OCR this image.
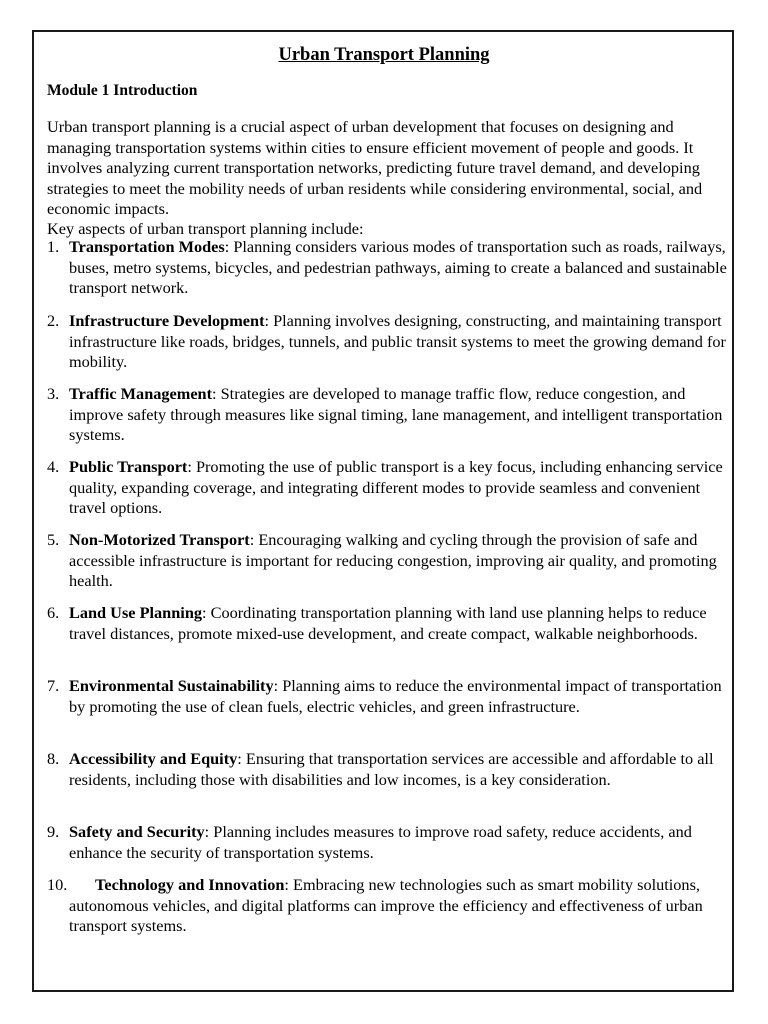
Urban Transport Planning

Module 1 Introduction

Urban transport planning is a crucial aspect of urban development that focuses on designing and managing transportation systems within cities to ensure efficient movement of people and goods. It involves analyzing current transportation networks, predicting future travel demand, and developing strategies to meet the mobility needs of urban residents while considering environmental, social, and economic impacts.

Key aspects of urban transport planning include:

1. Transportation Modes: Planning considers various modes of transportation such as roads, railways, buses, metro systems, bicycles, and pedestrian pathways, aiming to create a balanced and sustainable transport network.
2. Infrastructure Development: Planning involves designing, constructing, and maintaining transport infrastructure like roads, bridges, tunnels, and public transit systems to meet the growing demand for mobility.
3. Traffic Management: Strategies are developed to manage traffic flow, reduce congestion, and improve safety through measures like signal timing, lane management, and intelligent transportation systems.
4. Public Transport: Promoting the use of public transport is a key focus, including enhancing service quality, expanding coverage, and integrating different modes to provide seamless and convenient travel options.
5. Non-Motorized Transport: Encouraging walking and cycling through the provision of safe and accessible infrastructure is important for reducing congestion, improving air quality, and promoting health.
6. Land Use Planning: Coordinating transportation planning with land use planning helps to reduce travel distances, promote mixed-use development, and create compact, walkable neighborhoods.
7. Environmental Sustainability: Planning aims to reduce the environmental impact of transportation by promoting the use of clean fuels, electric vehicles, and green infrastructure.
8. Accessibility and Equity: Ensuring that transportation services are accessible and affordable to all residents, including those with disabilities and low incomes, is a key consideration.
9. Safety and Security: Planning includes measures to improve road safety, reduce accidents, and enhance the security of transportation systems.
10.	Technology and Innovation: Embracing new technologies such as smart mobility solutions, autonomous vehicles, and digital platforms can improve the efficiency and effectiveness of urban transport systems.
